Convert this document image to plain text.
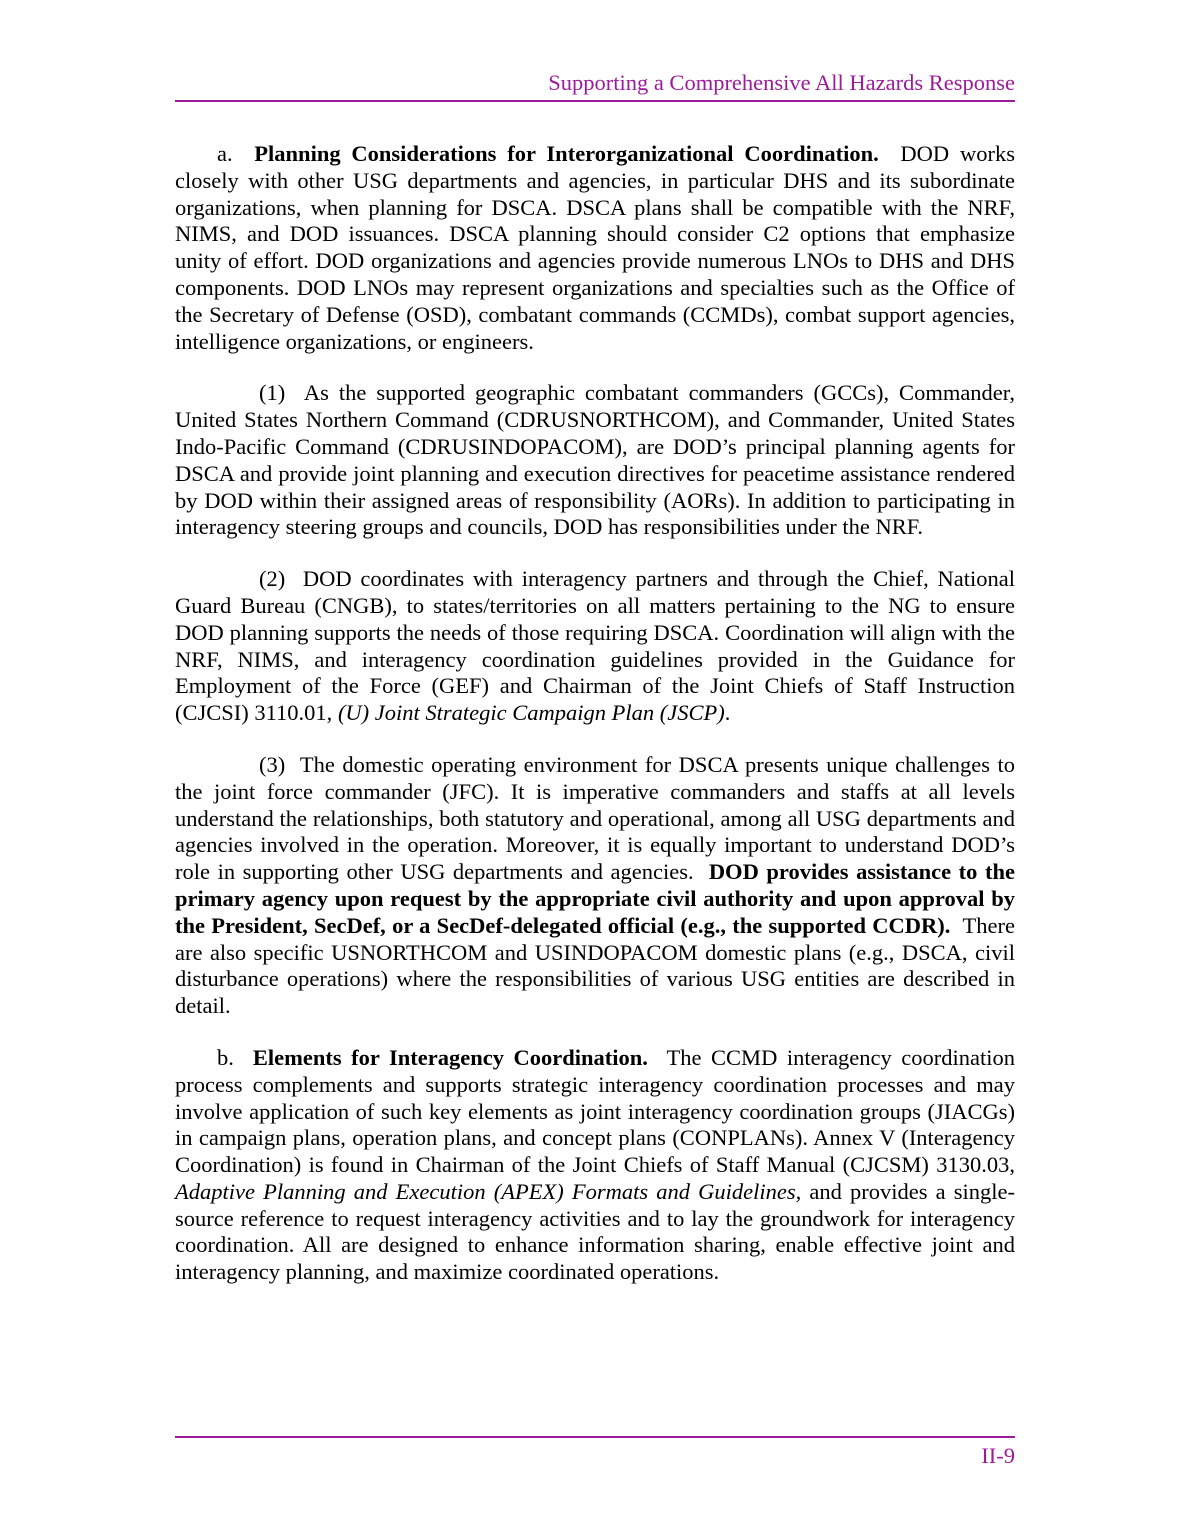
Supporting a Comprehensive All Hazards Response

a. Planning Considerations for Interorganizational Coordination. DOD works closely with other USG departments and agencies, in particular DHS and its subordinate organizations, when planning for DSCA. DSCA plans shall be compatible with the NRF, NIMS, and DOD issuances. DSCA planning should consider C2 options that emphasize unity of effort. DOD organizations and agencies provide numerous LNOs to DHS and DHS components. DOD LNOs may represent organizations and specialties such as the Office of the Secretary of Defense (OSD), combatant commands (CCMDs), combat support agencies, intelligence organizations, or engineers.

(1) As the supported geographic combatant commanders (GCCs), Commander, United States Northern Command (CDRUSNORTHCOM), and Commander, United States Indo-Pacific Command (CDRUSINDOPACOM), are DOD’s principal planning agents for DSCA and provide joint planning and execution directives for peacetime assistance rendered by DOD within their assigned areas of responsibility (AORs). In addition to participating in interagency steering groups and councils, DOD has responsibilities under the NRF.

(2) DOD coordinates with interagency partners and through the Chief, National Guard Bureau (CNGB), to states/territories on all matters pertaining to the NG to ensure DOD planning supports the needs of those requiring DSCA. Coordination will align with the NRF, NIMS, and interagency coordination guidelines provided in the Guidance for Employment of the Force (GEF) and Chairman of the Joint Chiefs of Staff Instruction (CJCSI) 3110.01, (U) Joint Strategic Campaign Plan (JSCP).

(3) The domestic operating environment for DSCA presents unique challenges to the joint force commander (JFC). It is imperative commanders and staffs at all levels understand the relationships, both statutory and operational, among all USG departments and agencies involved in the operation. Moreover, it is equally important to understand DOD’s role in supporting other USG departments and agencies. DOD provides assistance to the primary agency upon request by the appropriate civil authority and upon approval by the President, SecDef, or a SecDef-delegated official (e.g., the supported CCDR). There are also specific USNORTHCOM and USINDOPACOM domestic plans (e.g., DSCA, civil disturbance operations) where the responsibilities of various USG entities are described in detail.

b. Elements for Interagency Coordination. The CCMD interagency coordination process complements and supports strategic interagency coordination processes and may involve application of such key elements as joint interagency coordination groups (JIACGs) in campaign plans, operation plans, and concept plans (CONPLANs). Annex V (Interagency Coordination) is found in Chairman of the Joint Chiefs of Staff Manual (CJCSM) 3130.03, Adaptive Planning and Execution (APEX) Formats and Guidelines, and provides a single-source reference to request interagency activities and to lay the groundwork for interagency coordination. All are designed to enhance information sharing, enable effective joint and interagency planning, and maximize coordinated operations.

II-9
